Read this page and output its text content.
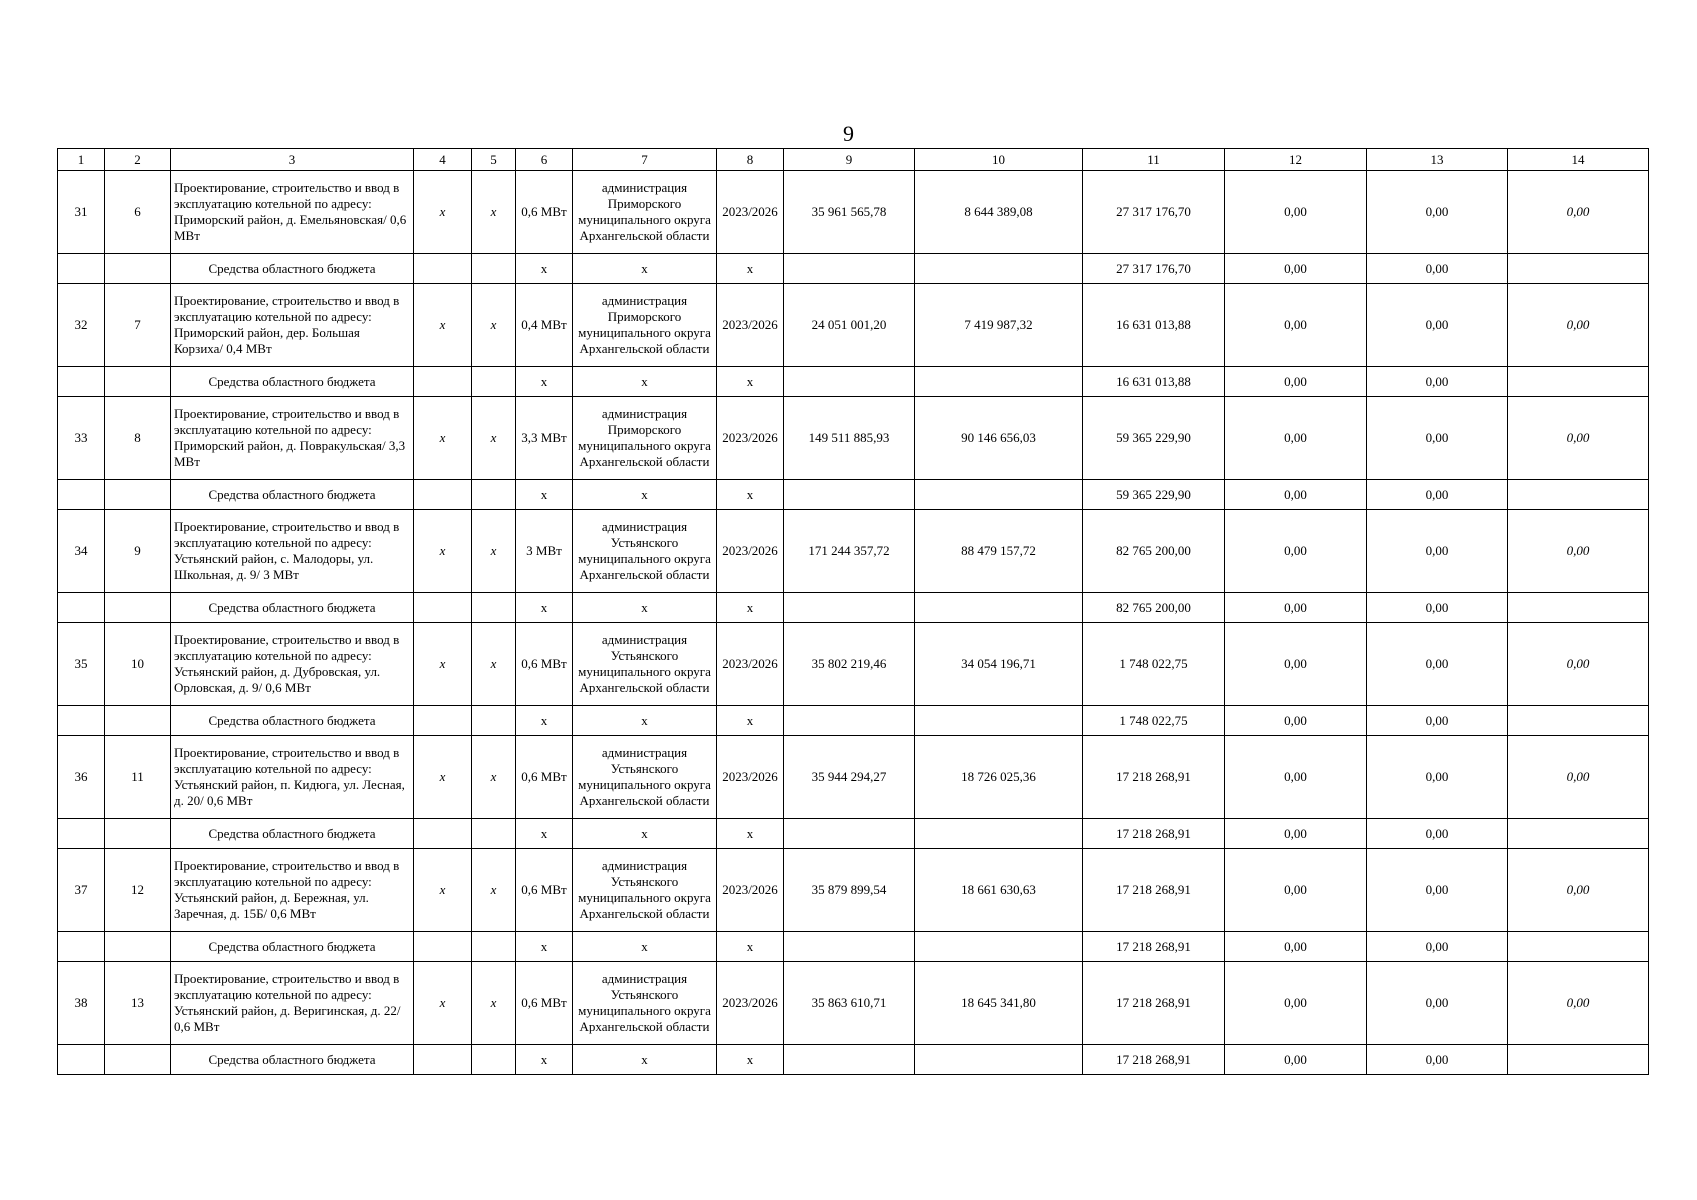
9
1	2	3	4	5	6	7	8	9	10	11	12	13	14
31	6	Проектирование, строительство и ввод в эксплуатацию котельной по адресу: Приморский район, д. Емельяновская/ 0,6 МВт	x	x	0,6 МВт	администрация Приморского муниципального округа Архангельской области	2023/2026	35 961 565,78	8 644 389,08	27 317 176,70	0,00	0,00	0,00
		Средства областного бюджета			x	x	x			27 317 176,70	0,00	0,00	
32	7	Проектирование, строительство и ввод в эксплуатацию котельной по адресу: Приморский район, дер. Большая Корзиха/ 0,4 МВт	x	x	0,4 МВт	администрация Приморского муниципального округа Архангельской области	2023/2026	24 051 001,20	7 419 987,32	16 631 013,88	0,00	0,00	0,00
		Средства областного бюджета			x	x	x			16 631 013,88	0,00	0,00	
33	8	Проектирование, строительство и ввод в эксплуатацию котельной по адресу: Приморский район, д. Повракульская/ 3,3 МВт	x	x	3,3 МВт	администрация Приморского муниципального округа Архангельской области	2023/2026	149 511 885,93	90 146 656,03	59 365 229,90	0,00	0,00	0,00
		Средства областного бюджета			x	x	x			59 365 229,90	0,00	0,00	
34	9	Проектирование, строительство и ввод в эксплуатацию котельной по адресу: Устьянский район, с. Малодоры, ул. Школьная, д. 9/ 3 МВт	x	x	3 МВт	администрация Устьянского муниципального округа Архангельской области	2023/2026	171 244 357,72	88 479 157,72	82 765 200,00	0,00	0,00	0,00
		Средства областного бюджета			x	x	x			82 765 200,00	0,00	0,00	
35	10	Проектирование, строительство и ввод в эксплуатацию котельной по адресу: Устьянский район, д. Дубровская, ул. Орловская, д. 9/ 0,6 МВт	x	x	0,6 МВт	администрация Устьянского муниципального округа Архангельской области	2023/2026	35 802 219,46	34 054 196,71	1 748 022,75	0,00	0,00	0,00
		Средства областного бюджета			x	x	x			1 748 022,75	0,00	0,00	
36	11	Проектирование, строительство и ввод в эксплуатацию котельной по адресу: Устьянский район, п. Кидюга, ул. Лесная, д. 20/ 0,6 МВт	x	x	0,6 МВт	администрация Устьянского муниципального округа Архангельской области	2023/2026	35 944 294,27	18 726 025,36	17 218 268,91	0,00	0,00	0,00
		Средства областного бюджета			x	x	x			17 218 268,91	0,00	0,00	
37	12	Проектирование, строительство и ввод в эксплуатацию котельной по адресу: Устьянский район, д. Бережная, ул. Заречная, д. 15Б/ 0,6 МВт	x	x	0,6 МВт	администрация Устьянского муниципального округа Архангельской области	2023/2026	35 879 899,54	18 661 630,63	17 218 268,91	0,00	0,00	0,00
		Средства областного бюджета			x	x	x			17 218 268,91	0,00	0,00	
38	13	Проектирование, строительство и ввод в эксплуатацию котельной по адресу: Устьянский район, д. Веригинская, д. 22/ 0,6 МВт	x	x	0,6 МВт	администрация Устьянского муниципального округа Архангельской области	2023/2026	35 863 610,71	18 645 341,80	17 218 268,91	0,00	0,00	0,00
		Средства областного бюджета			x	x	x			17 218 268,91	0,00	0,00	
